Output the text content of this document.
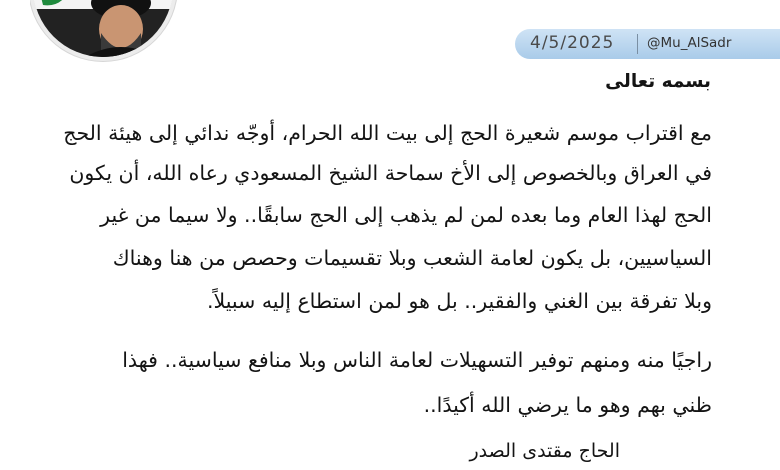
4/5/2025 @Mu_AlSadr
بسمه تعالى
مع اقتراب موسم شعيرة الحج إلى بيت الله الحرام، أوجّه ندائي إلى هيئة الحج
في العراق وبالخصوص إلى الأخ سماحة الشيخ المسعودي رعاه الله، أن يكون
الحج لهذا العام وما بعده لمن لم يذهب إلى الحج سابقًا.. ولا سيما من غير
السياسيين، بل يكون لعامة الشعب وبلا تقسيمات وحصص من هنا وهناك
وبلا تفرقة بين الغني والفقير.. بل هو لمن استطاع إليه سبيلاً.
راجيًا منه ومنهم توفير التسهيلات لعامة الناس وبلا منافع سياسية.. فهذا
ظني بهم وهو ما يرضي الله أكيدًا..
الحاج مقتدى الصدر
